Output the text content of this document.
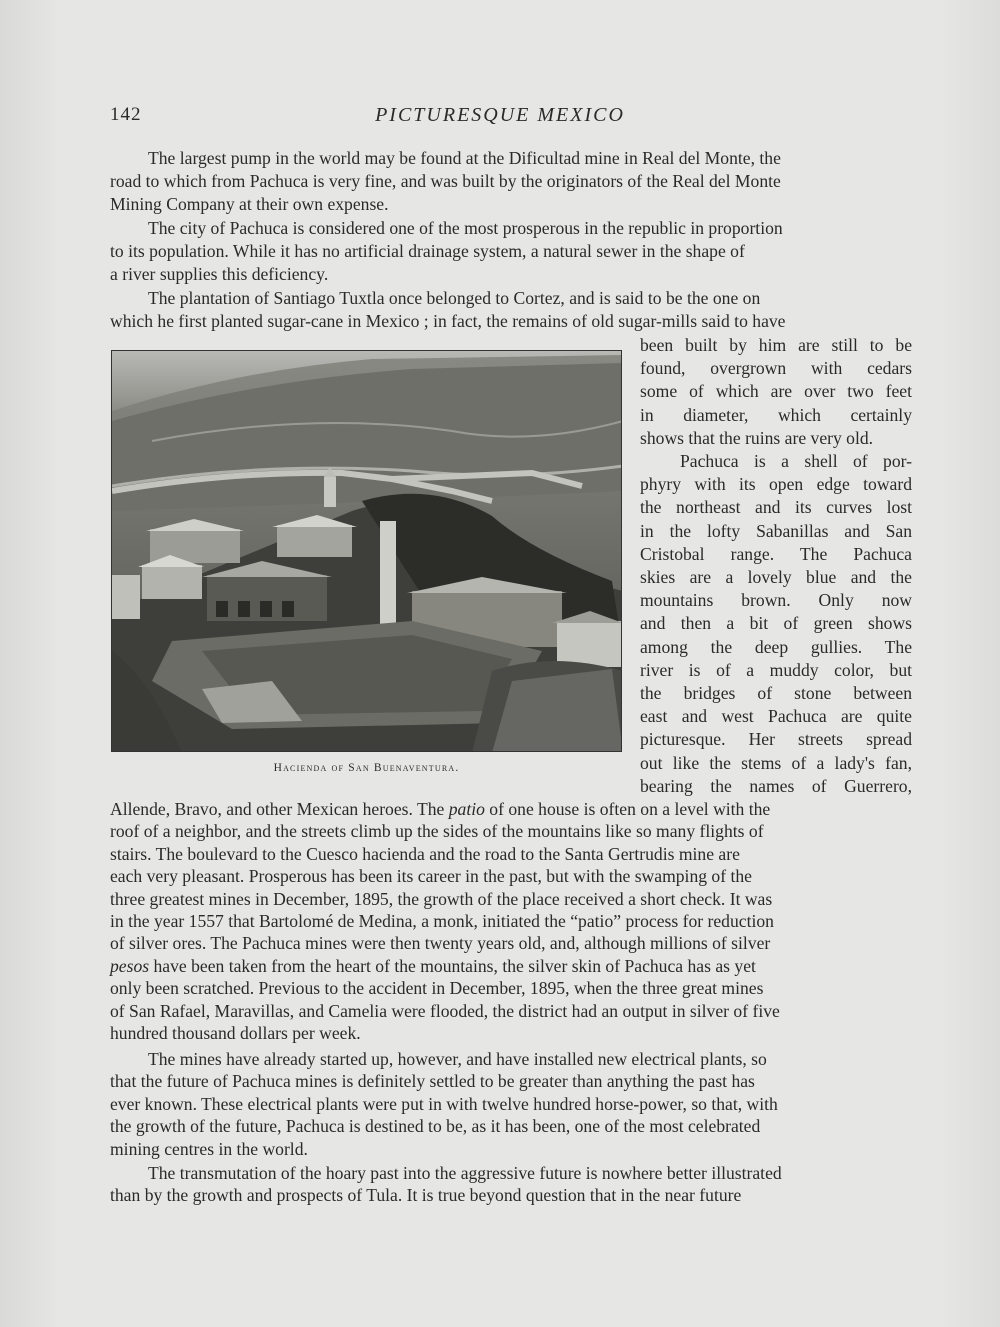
142	PICTURESQUE MEXICO
The largest pump in the world may be found at the Dificultad mine in Real del Monte, the
road to which from Pachuca is very fine, and was built by the originators of the Real del Monte
Mining Company at their own expense.
The city of Pachuca is considered one of the most prosperous in the republic in proportion
to its population. While it has no artificial drainage system, a natural sewer in the shape of
a river supplies this deficiency.
The plantation of Santiago Tuxtla once belonged to Cortez, and is said to be the one on
which he first planted sugar-cane in Mexico ; in fact, the remains of old sugar-mills said to have
Hacienda of San Buenaventura.
been built by him are still to be
found, overgrown with cedars
some of which are over two feet
in diameter, which certainly
shows that the ruins are very old.
Pachuca is a shell of por-
phyry with its open edge toward
the northeast and its curves lost
in the lofty Sabanillas and San
Cristobal range. The Pachuca
skies are a lovely blue and the
mountains brown. Only now
and then a bit of green shows
among the deep gullies. The
river is of a muddy color, but
the bridges of stone between
east and west Pachuca are quite
picturesque. Her streets spread
out like the stems of a lady's fan,
bearing the names of Guerrero,
Allende, Bravo, and other Mexican heroes. The patio of one house is often on a level with the
roof of a neighbor, and the streets climb up the sides of the mountains like so many flights of
stairs. The boulevard to the Cuesco hacienda and the road to the Santa Gertrudis mine are
each very pleasant. Prosperous has been its career in the past, but with the swamping of the
three greatest mines in December, 1895, the growth of the place received a short check. It was
in the year 1557 that Bartolomé de Medina, a monk, initiated the “patio” process for reduction
of silver ores. The Pachuca mines were then twenty years old, and, although millions of silver
pesos have been taken from the heart of the mountains, the silver skin of Pachuca has as yet
only been scratched. Previous to the accident in December, 1895, when the three great mines
of San Rafael, Maravillas, and Camelia were flooded, the district had an output in silver of five
hundred thousand dollars per week.
The mines have already started up, however, and have installed new electrical plants, so
that the future of Pachuca mines is definitely settled to be greater than anything the past has
ever known. These electrical plants were put in with twelve hundred horse-power, so that, with
the growth of the future, Pachuca is destined to be, as it has been, one of the most celebrated
mining centres in the world.
The transmutation of the hoary past into the aggressive future is nowhere better illustrated
than by the growth and prospects of Tula. It is true beyond question that in the near future
